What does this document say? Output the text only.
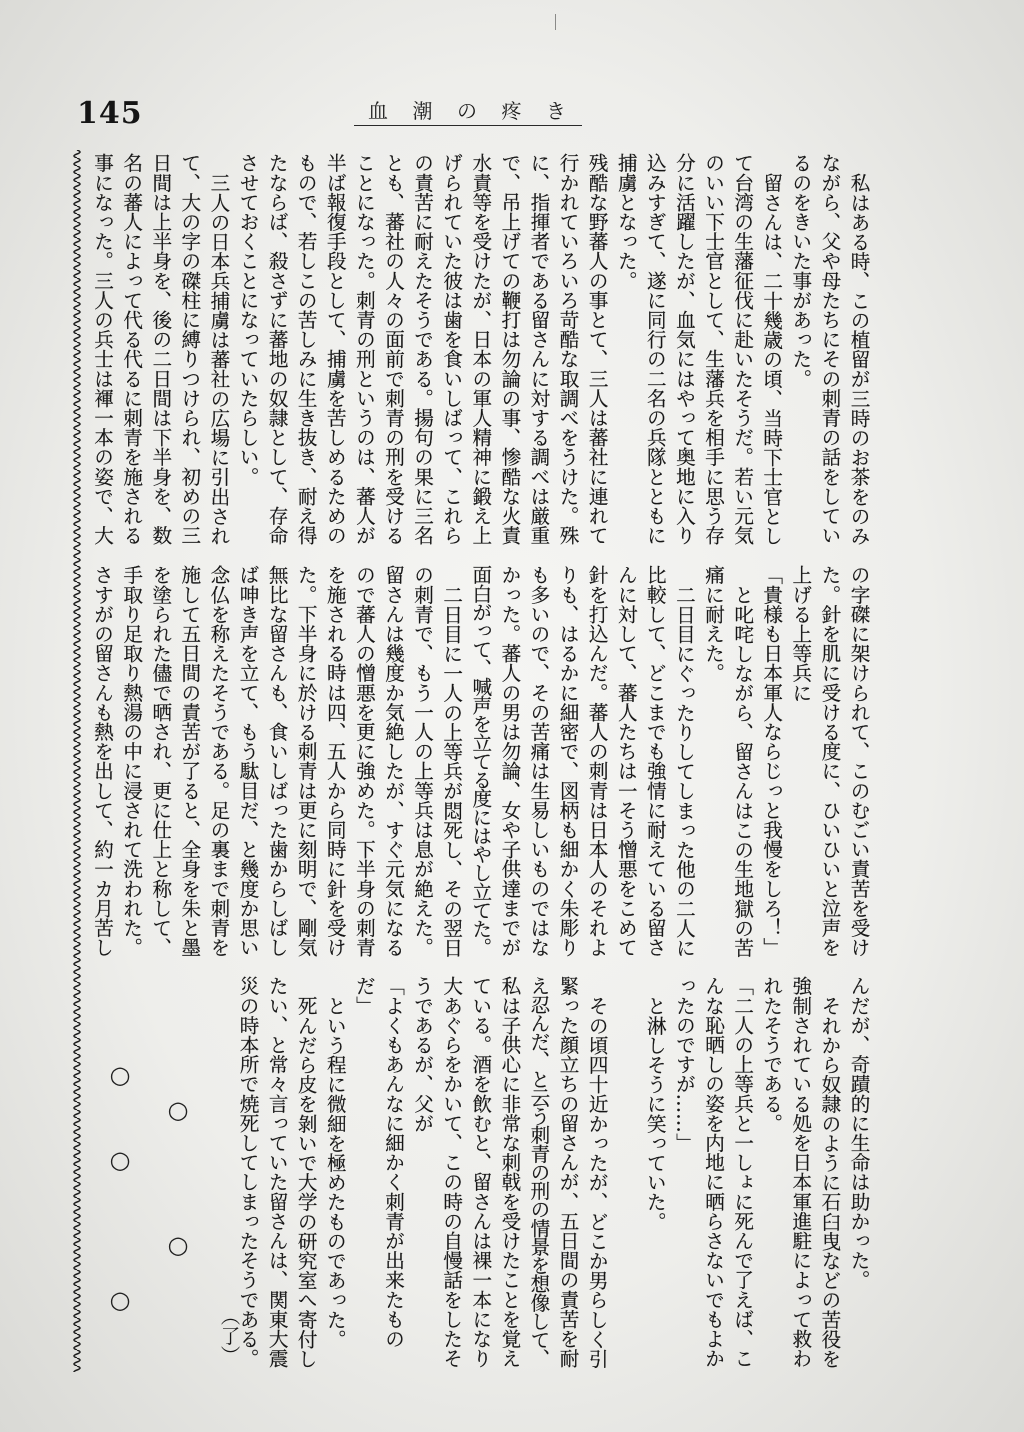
145	血潮の疼き
私はある時、この植留が三時のお茶をのみ
ながら、父や母たちにその刺青の話をしてい
るのをきいた事があった。
留さんは、二十幾歳の頃、当時下士官とし
て台湾の生藩征伐に赴いたそうだ。若い元気
のいい下士官として、生藩兵を相手に思う存
分に活躍したが、血気にはやって奥地に入り
込みすぎて、遂に同行の二名の兵隊とともに
捕虜となった。
残酷な野蕃人の事とて、三人は蕃社に連れて
行かれていろいろ苛酷な取調べをうけた。殊
に、指揮者である留さんに対する調べは厳重
で、吊上げての鞭打は勿論の事、惨酷な火責
水責等を受けたが、日本の軍人精神に鍛え上
げられていた彼は歯を食いしばって、これら
の責苦に耐えたそうである。揚句の果に三名
とも、蕃社の人々の面前で刺青の刑を受ける
ことになった。刺青の刑というのは、蕃人が
半ば報復手段として、捕虜を苦しめるための
もので、若しこの苦しみに生き抜き、耐え得
たならば、殺さずに蕃地の奴隷として、存命
させておくことになっていたらしい。
三人の日本兵捕虜は蕃社の広場に引出され
て、大の字の磔柱に縛りつけられ、初めの三
日間は上半身を、後の二日間は下半身を、数
名の蕃人によって代る代るに刺青を施される
事になった。三人の兵士は褌一本の姿で、大
の字磔に架けられて、このむごい責苦を受け
た。針を肌に受ける度に、ひいひいと泣声を
上げる上等兵に
「貴様も日本軍人ならじっと我慢をしろ！」
と叱咤しながら、留さんはこの生地獄の苦
痛に耐えた。
二日目にぐったりしてしまった他の二人に
比較して、どこまでも強情に耐えている留さ
んに対して、蕃人たちは一そう憎悪をこめて
針を打込んだ。蕃人の刺青は日本人のそれよ
りも、はるかに細密で、図柄も細かく朱彫り
も多いので、その苦痛は生易しいものではな
かった。蕃人の男は勿論、女や子供達までが
面白がって、喊声を立てる度にはやし立てた。
二日目に一人の上等兵が悶死し、その翌日
の刺青で、もう一人の上等兵は息が絶えた。
留さんは幾度か気絶したが、すぐ元気になる
ので蕃人の憎悪を更に強めた。下半身の刺青
を施される時は四、五人から同時に針を受け
た。下半身に於ける刺青は更に刻明で、剛気
無比な留さんも、食いしばった歯からしばし
ば呻き声を立て、もう駄目だ、と幾度か思い
念仏を称えたそうである。足の裏まで刺青を
施して五日間の責苦が了ると、全身を朱と墨
を塗られた儘で晒され、更に仕上と称して、
手取り足取り熱湯の中に浸されて洗われた。
さすがの留さんも熱を出して、約一カ月苦し
んだが、奇蹟的に生命は助かった。
それから奴隷のように石臼曳などの苦役を
強制されている処を日本軍進駐によって救わ
れたそうである。
「二人の上等兵と一しょに死んで了えば、こ
んな恥晒しの姿を内地に晒らさないでもよか
ったのですが……」
と淋しそうに笑っていた。
その頃四十近かったが、どこか男らしく引
緊った顔立ちの留さんが、五日間の責苦を耐
え忍んだ、と云う刺青の刑の情景を想像して、
私は子供心に非常な刺戟を受けたことを覚え
ている。酒を飲むと、留さんは裸一本になり
大あぐらをかいて、この時の自慢話をしたそ
うであるが、父が
「よくもあんなに細かく刺青が出来たもの
だ」
という程に微細を極めたものであった。
死んだら皮を剝いで大学の研究室へ寄付し
たい、と常々言っていた留さんは、関東大震
災の時本所で焼死してしまったそうである。
（了）
○
○
○
○
○
